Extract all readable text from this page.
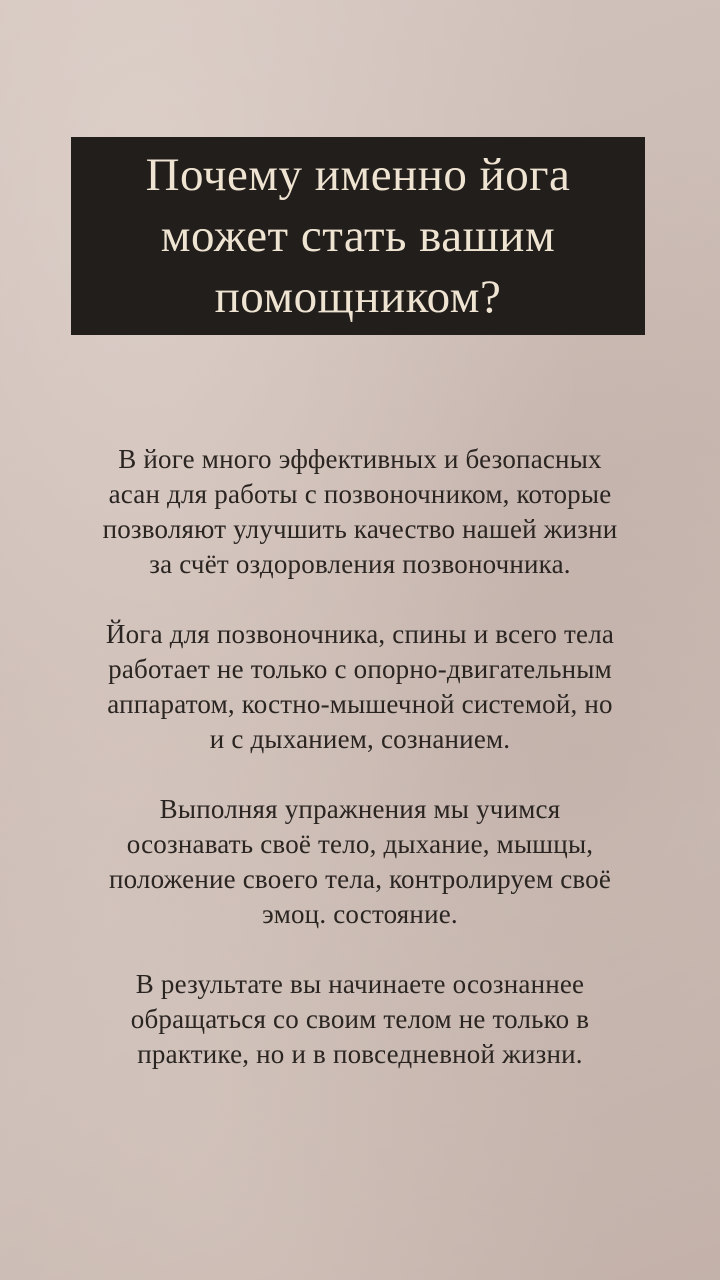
Почему именно йога
может стать вашим
помощником?

В йоге много эффективных и безопасных
асан для работы с позвоночником, которые
позволяют улучшить качество нашей жизни
за счёт оздоровления позвоночника.

Йога для позвоночника, спины и всего тела
работает не только с опорно-двигательным
аппаратом, костно-мышечной системой, но
и с дыханием, сознанием.

Выполняя упражнения мы учимся
осознавать своё тело, дыхание, мышцы,
положение своего тела, контролируем своё
эмоц. состояние.

В результате вы начинаете осознаннее
обращаться со своим телом не только в
практике, но и в повседневной жизни.
